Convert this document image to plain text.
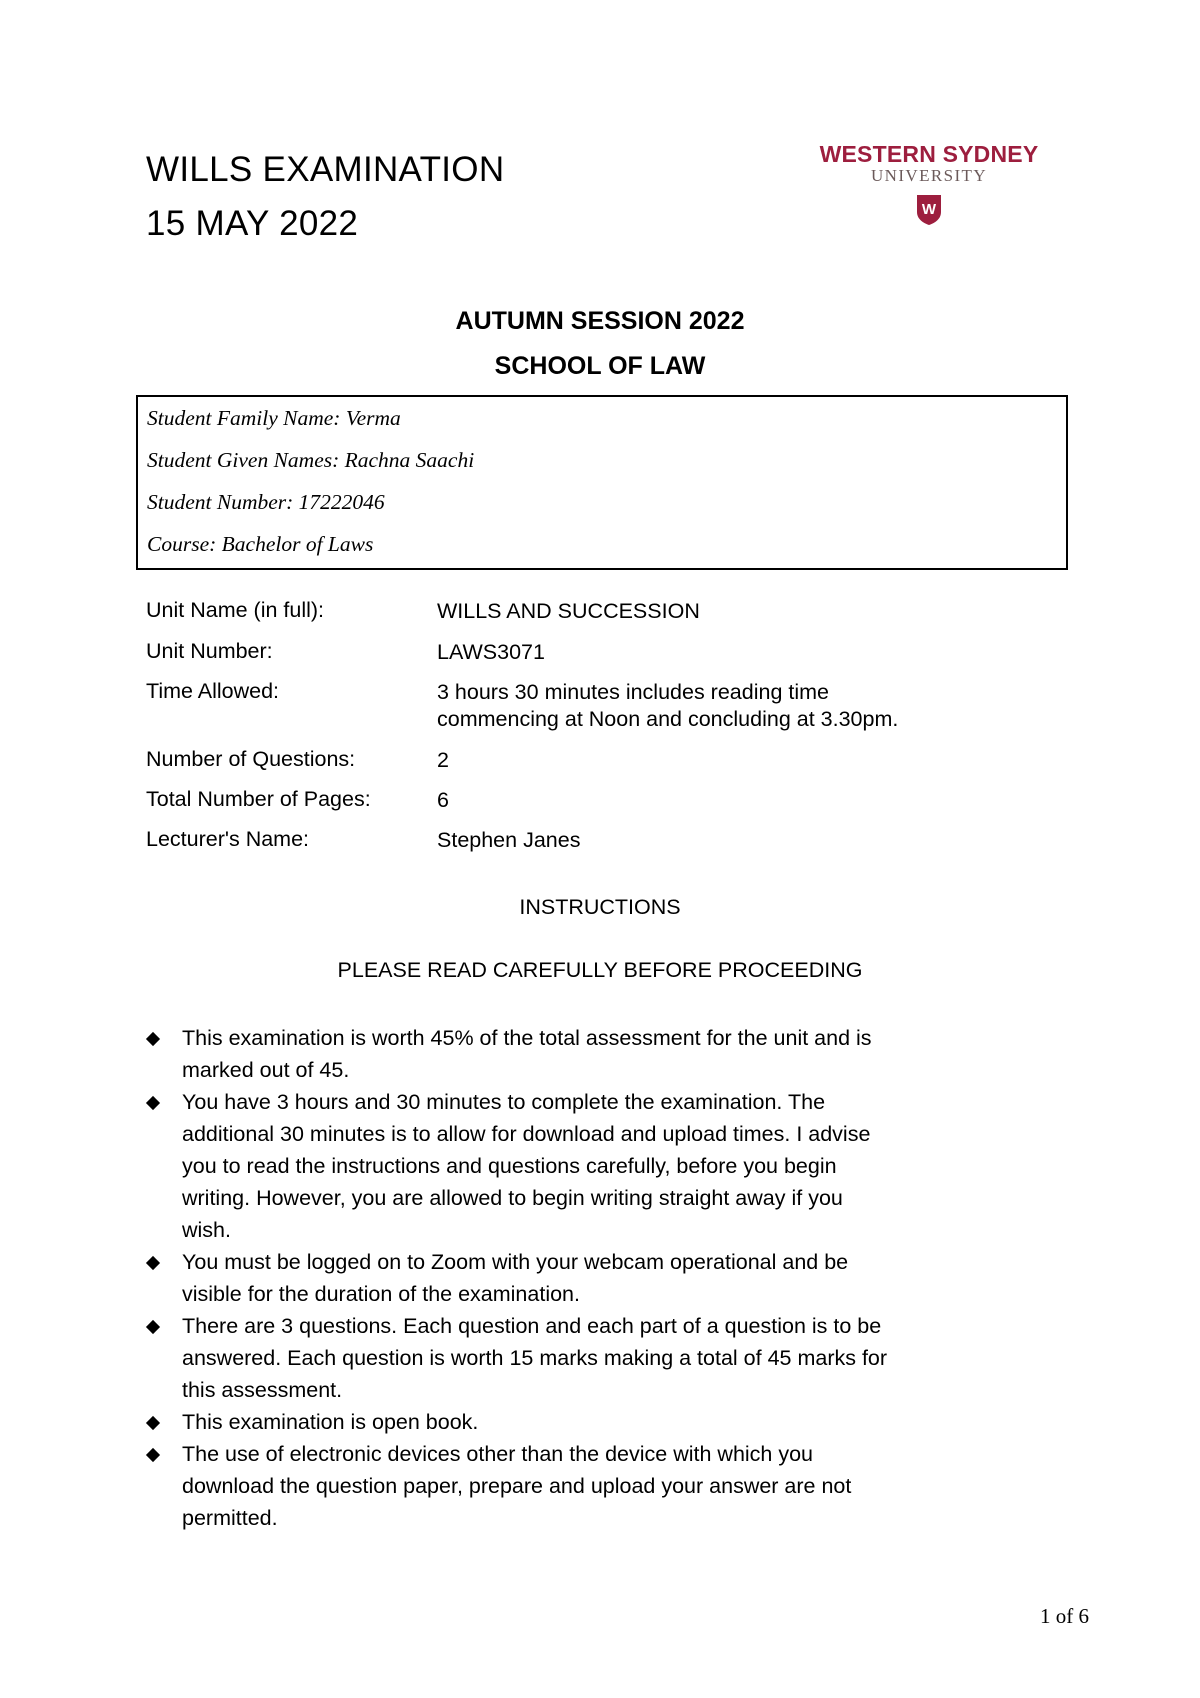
WILLS EXAMINATION
15 MAY 2022
WESTERN SYDNEY
UNIVERSITY
W

AUTUMN SESSION 2022

SCHOOL OF LAW

Student Family Name: Verma
Student Given Names: Rachna Saachi
Student Number: 17222046
Course: Bachelor of Laws
Unit Name (in full):	WILLS AND SUCCESSION
Unit Number:	LAWS3071
Time Allowed:	3 hours 30 minutes includes reading time
commencing at Noon and concluding at 3.30pm.
Number of Questions:	2
Total Number of Pages:	6
Lecturer's Name:	Stephen Janes

INSTRUCTIONS

PLEASE READ CAREFULLY BEFORE PROCEEDING

This examination is worth 45% of the total assessment for the unit and is
marked out of 45.
You have 3 hours and 30 minutes to complete the examination. The
additional 30 minutes is to allow for download and upload times. I advise
you to read the instructions and questions carefully, before you begin
writing. However, you are allowed to begin writing straight away if you
wish.
You must be logged on to Zoom with your webcam operational and be
visible for the duration of the examination.
There are 3 questions. Each question and each part of a question is to be
answered. Each question is worth 15 marks making a total of 45 marks for
this assessment.
This examination is open book.
The use of electronic devices other than the device with which you
download the question paper, prepare and upload your answer are not
permitted.
1 of 6
